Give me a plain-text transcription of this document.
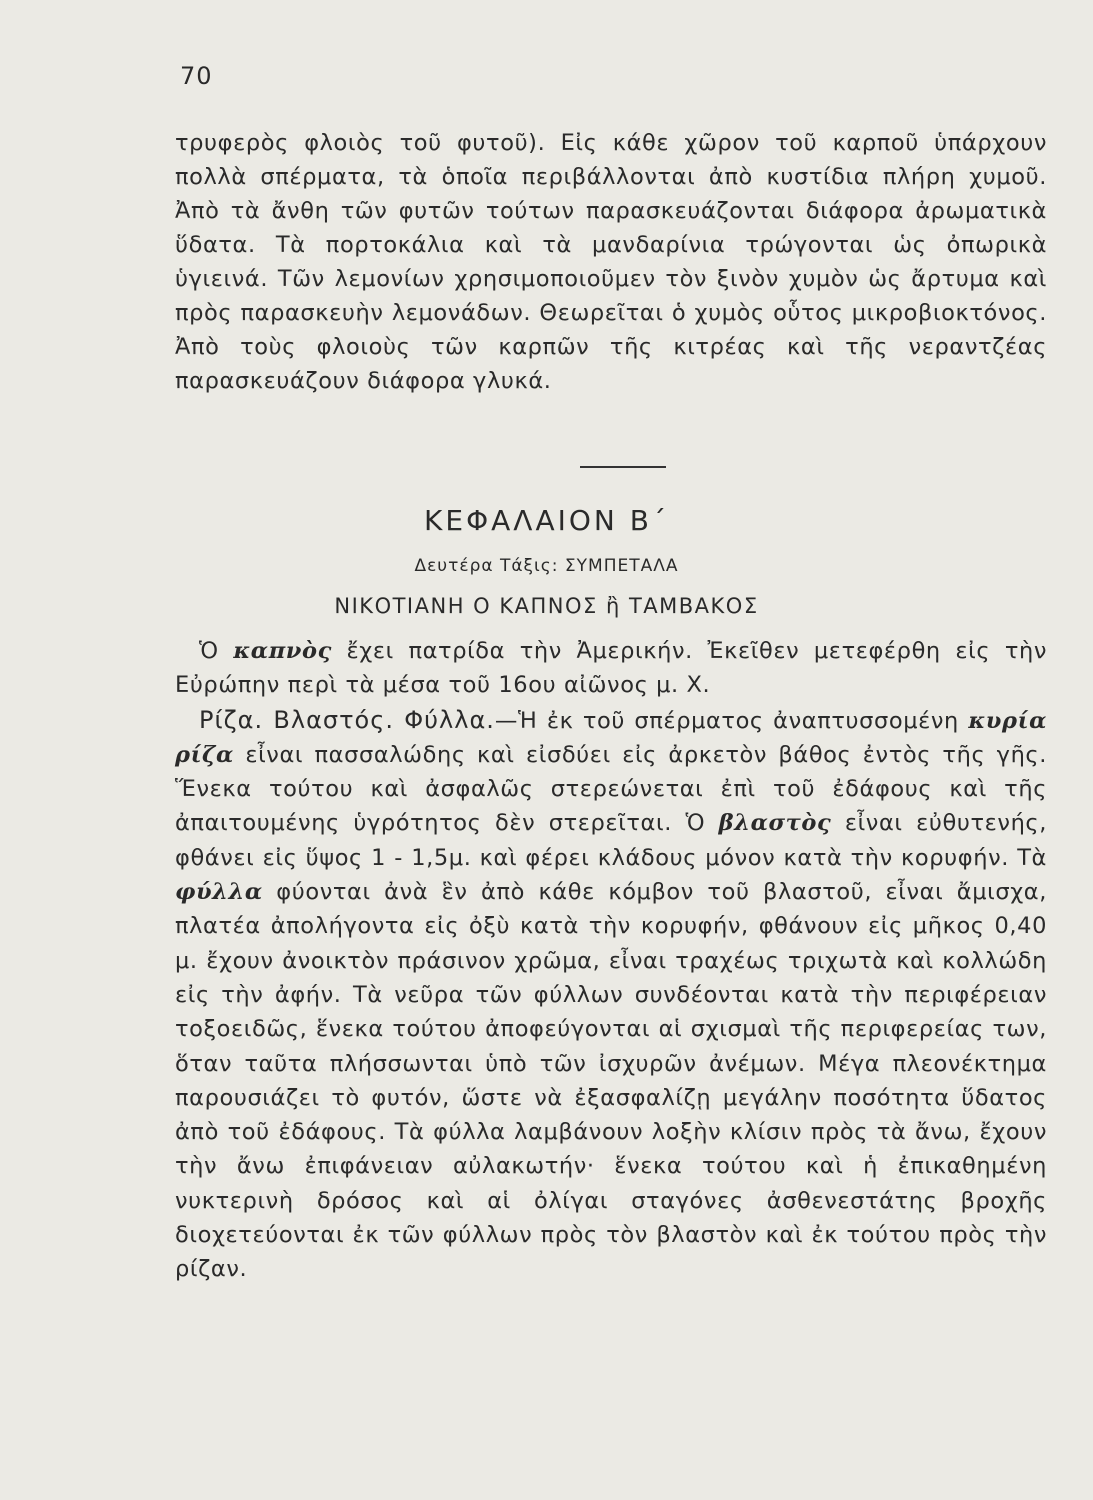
70

τρυφερὸς φλοιὸς τοῦ φυτοῦ). Εἰς κάθε χῶρον τοῦ καρποῦ ὑπάρχουν πολλὰ σπέρματα, τὰ ὁποῖα περιβάλλονται ἀπὸ κυστίδια πλήρη χυμοῦ. Ἀπὸ τὰ ἄνθη τῶν φυτῶν τούτων παρασκευάζονται διάφορα ἀρωματικὰ ὕδατα. Τὰ πορτοκάλια καὶ τὰ μανδαρίνια τρώγονται ὡς ὀπωρικὰ ὑγιεινά. Τῶν λεμονίων χρησιμοποιοῦμεν τὸν ξινὸν χυμὸν ὡς ἄρτυμα καὶ πρὸς παρασκευὴν λεμονάδων. Θεωρεῖται ὁ χυμὸς οὗτος μικροβιοκτόνος. Ἀπὸ τοὺς φλοιοὺς τῶν καρπῶν τῆς κιτρέας καὶ τῆς νεραντζέας παρασκευάζουν διάφορα γλυκά.

ΚΕΦΑΛΑΙΟΝ Β΄
Δευτέρα Τάξις: ΣΥΜΠΕΤΑΛΑ
ΝΙΚΟΤΙΑΝΗ Ο ΚΑΠΝΟΣ ἢ ΤΑΜΒΑΚΟΣ

Ὁ καπνὸς ἔχει πατρίδα τὴν Ἀμερικήν. Ἐκεῖθεν μετεφέρθη εἰς τὴν Εὐρώπην περὶ τὰ μέσα τοῦ 16ου αἰῶνος μ. Χ.

Ρίζα. Βλαστός. Φύλλα.—Ἡ ἐκ τοῦ σπέρματος ἀναπτυσσομένη κυρία ρίζα εἶναι πασσαλώδης καὶ εἰσδύει εἰς ἀρκετὸν βάθος ἐντὸς τῆς γῆς. Ἕνεκα τούτου καὶ ἀσφαλῶς στερεώνεται ἐπὶ τοῦ ἐδάφους καὶ τῆς ἀπαιτουμένης ὑγρότητος δὲν στερεῖται. Ὁ βλαστὸς εἶναι εὐθυτενής, φθάνει εἰς ὕψος 1 - 1,5μ. καὶ φέρει κλάδους μόνον κατὰ τὴν κορυφήν. Τὰ φύλλα φύονται ἀνὰ ἓν ἀπὸ κάθε κόμβον τοῦ βλαστοῦ, εἶναι ἄμισχα, πλατέα ἀπολήγοντα εἰς ὀξὺ κατὰ τὴν κορυφήν, φθάνουν εἰς μῆκος 0,40 μ. ἔχουν ἀνοικτὸν πράσινον χρῶμα, εἶναι τραχέως τριχωτὰ καὶ κολλώδη εἰς τὴν ἀφήν. Τὰ νεῦρα τῶν φύλλων συνδέονται κατὰ τὴν περιφέρειαν τοξοειδῶς, ἕνεκα τούτου ἀποφεύγονται αἱ σχισμαὶ τῆς περιφερείας των, ὅταν ταῦτα πλήσσωνται ὑπὸ τῶν ἰσχυρῶν ἀνέμων. Μέγα πλεονέκτημα παρουσιάζει τὸ φυτόν, ὥστε νὰ ἐξασφαλίζῃ μεγάλην ποσότητα ὕδατος ἀπὸ τοῦ ἐδάφους. Τὰ φύλλα λαμβάνουν λοξὴν κλίσιν πρὸς τὰ ἄνω, ἔχουν τὴν ἄνω ἐπιφάνειαν αὐλακωτήν· ἕνεκα τούτου καὶ ἡ ἐπικαθημένη νυκτερινὴ δρόσος καὶ αἱ ὀλίγαι σταγόνες ἀσθενεστάτης βροχῆς διοχετεύονται ἐκ τῶν φύλλων πρὸς τὸν βλαστὸν καὶ ἐκ τούτου πρὸς τὴν ρίζαν.
